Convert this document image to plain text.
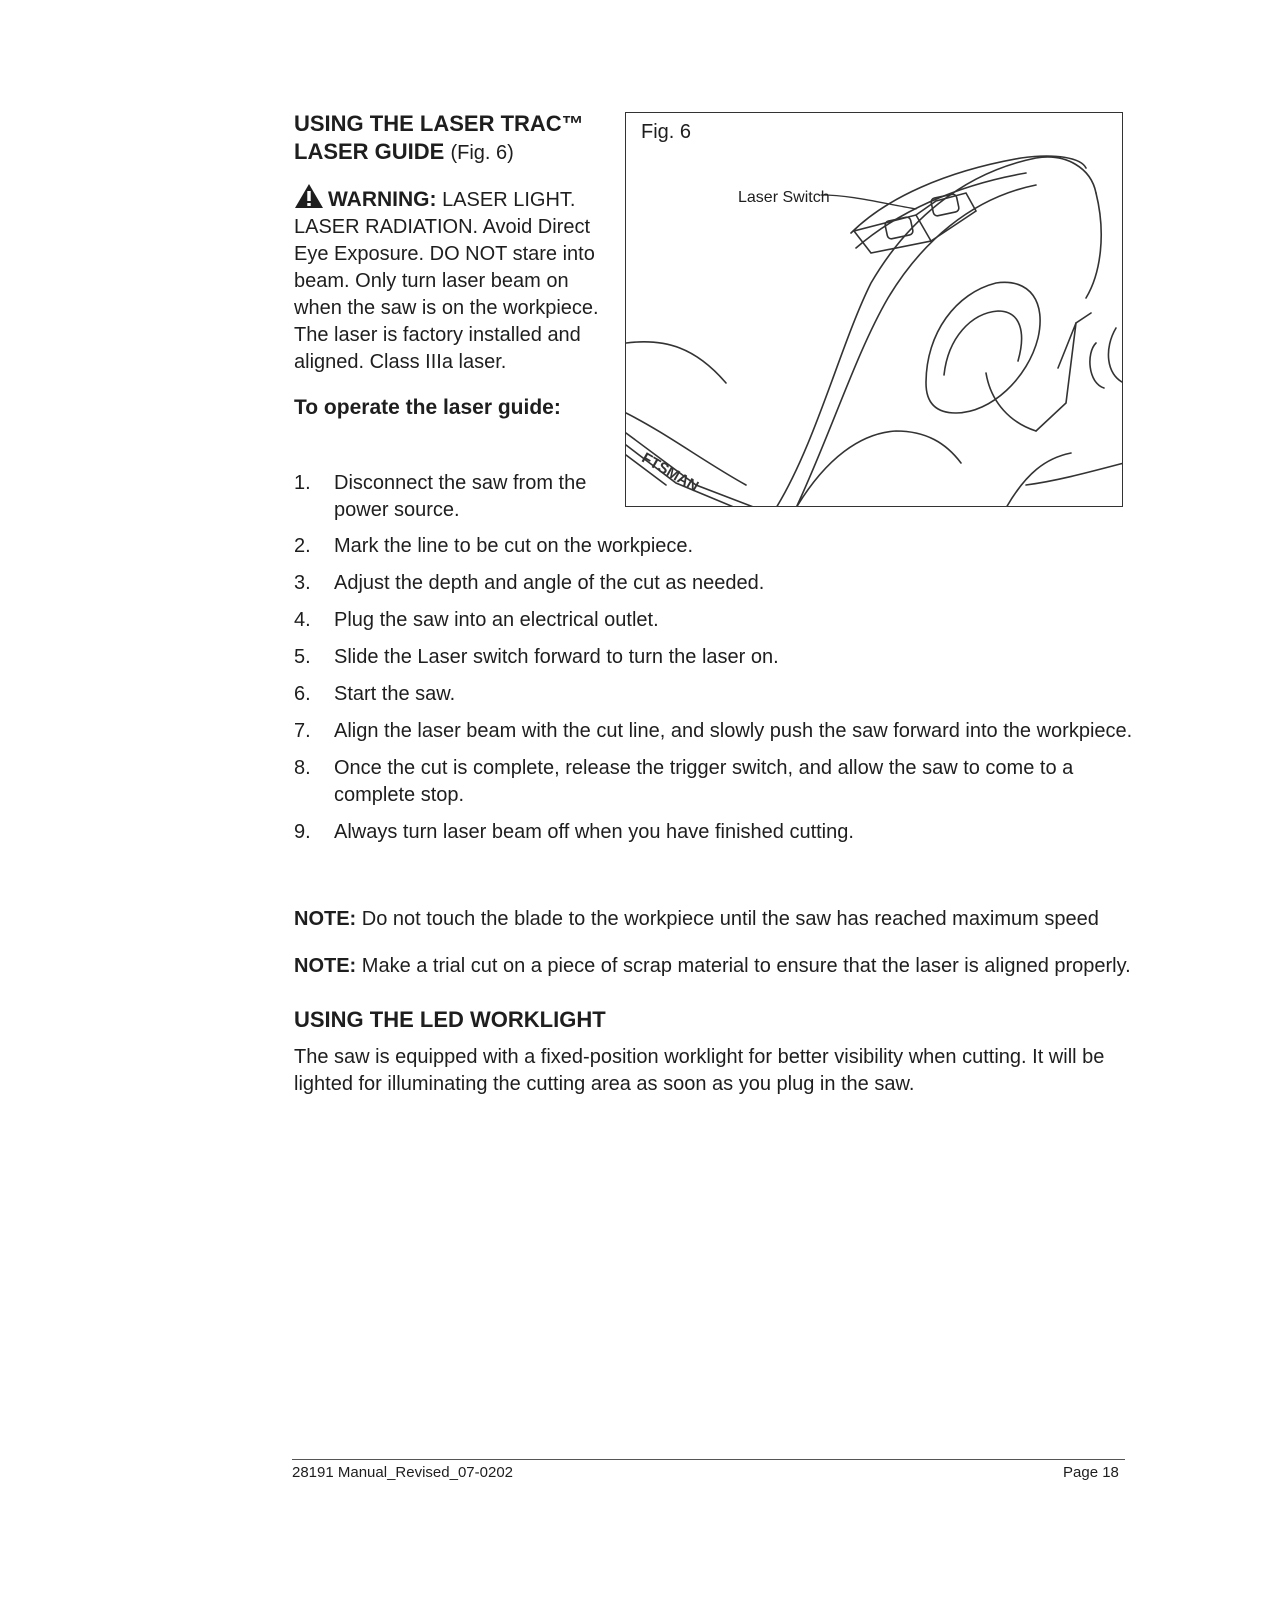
USING THE LASER TRAC™
LASER GUIDE (Fig. 6)

WARNING: LASER LIGHT. LASER RADIATION. Avoid Direct Eye Exposure. DO NOT stare into beam. Only turn laser beam on when the saw is on the workpiece. The laser is factory installed and aligned. Class IIIa laser.
To operate the laser guide:
FTSMAN
Fig. 6
Laser Switch
1. Disconnect the saw from the power source.
2. Mark the line to be cut on the workpiece.
3. Adjust the depth and angle of the cut as needed.
4. Plug the saw into an electrical outlet.
5. Slide the Laser switch forward to turn the laser on.
6. Start the saw.
7. Align the laser beam with the cut line, and slowly push the saw forward into the workpiece.
8. Once the cut is complete, release the trigger switch, and allow the saw to come to a complete stop.
9. Always turn laser beam off when you have finished cutting.

NOTE: Do not touch the blade to the workpiece until the saw has reached maximum speed

NOTE: Make a trial cut on a piece of scrap material to ensure that the laser is aligned properly.

USING THE LED WORKLIGHT

The saw is equipped with a fixed-position worklight for better visibility when cutting. It will be lighted for illuminating the cutting area as soon as you plug in the saw.

28191 Manual_Revised_07-0202	Page 18
